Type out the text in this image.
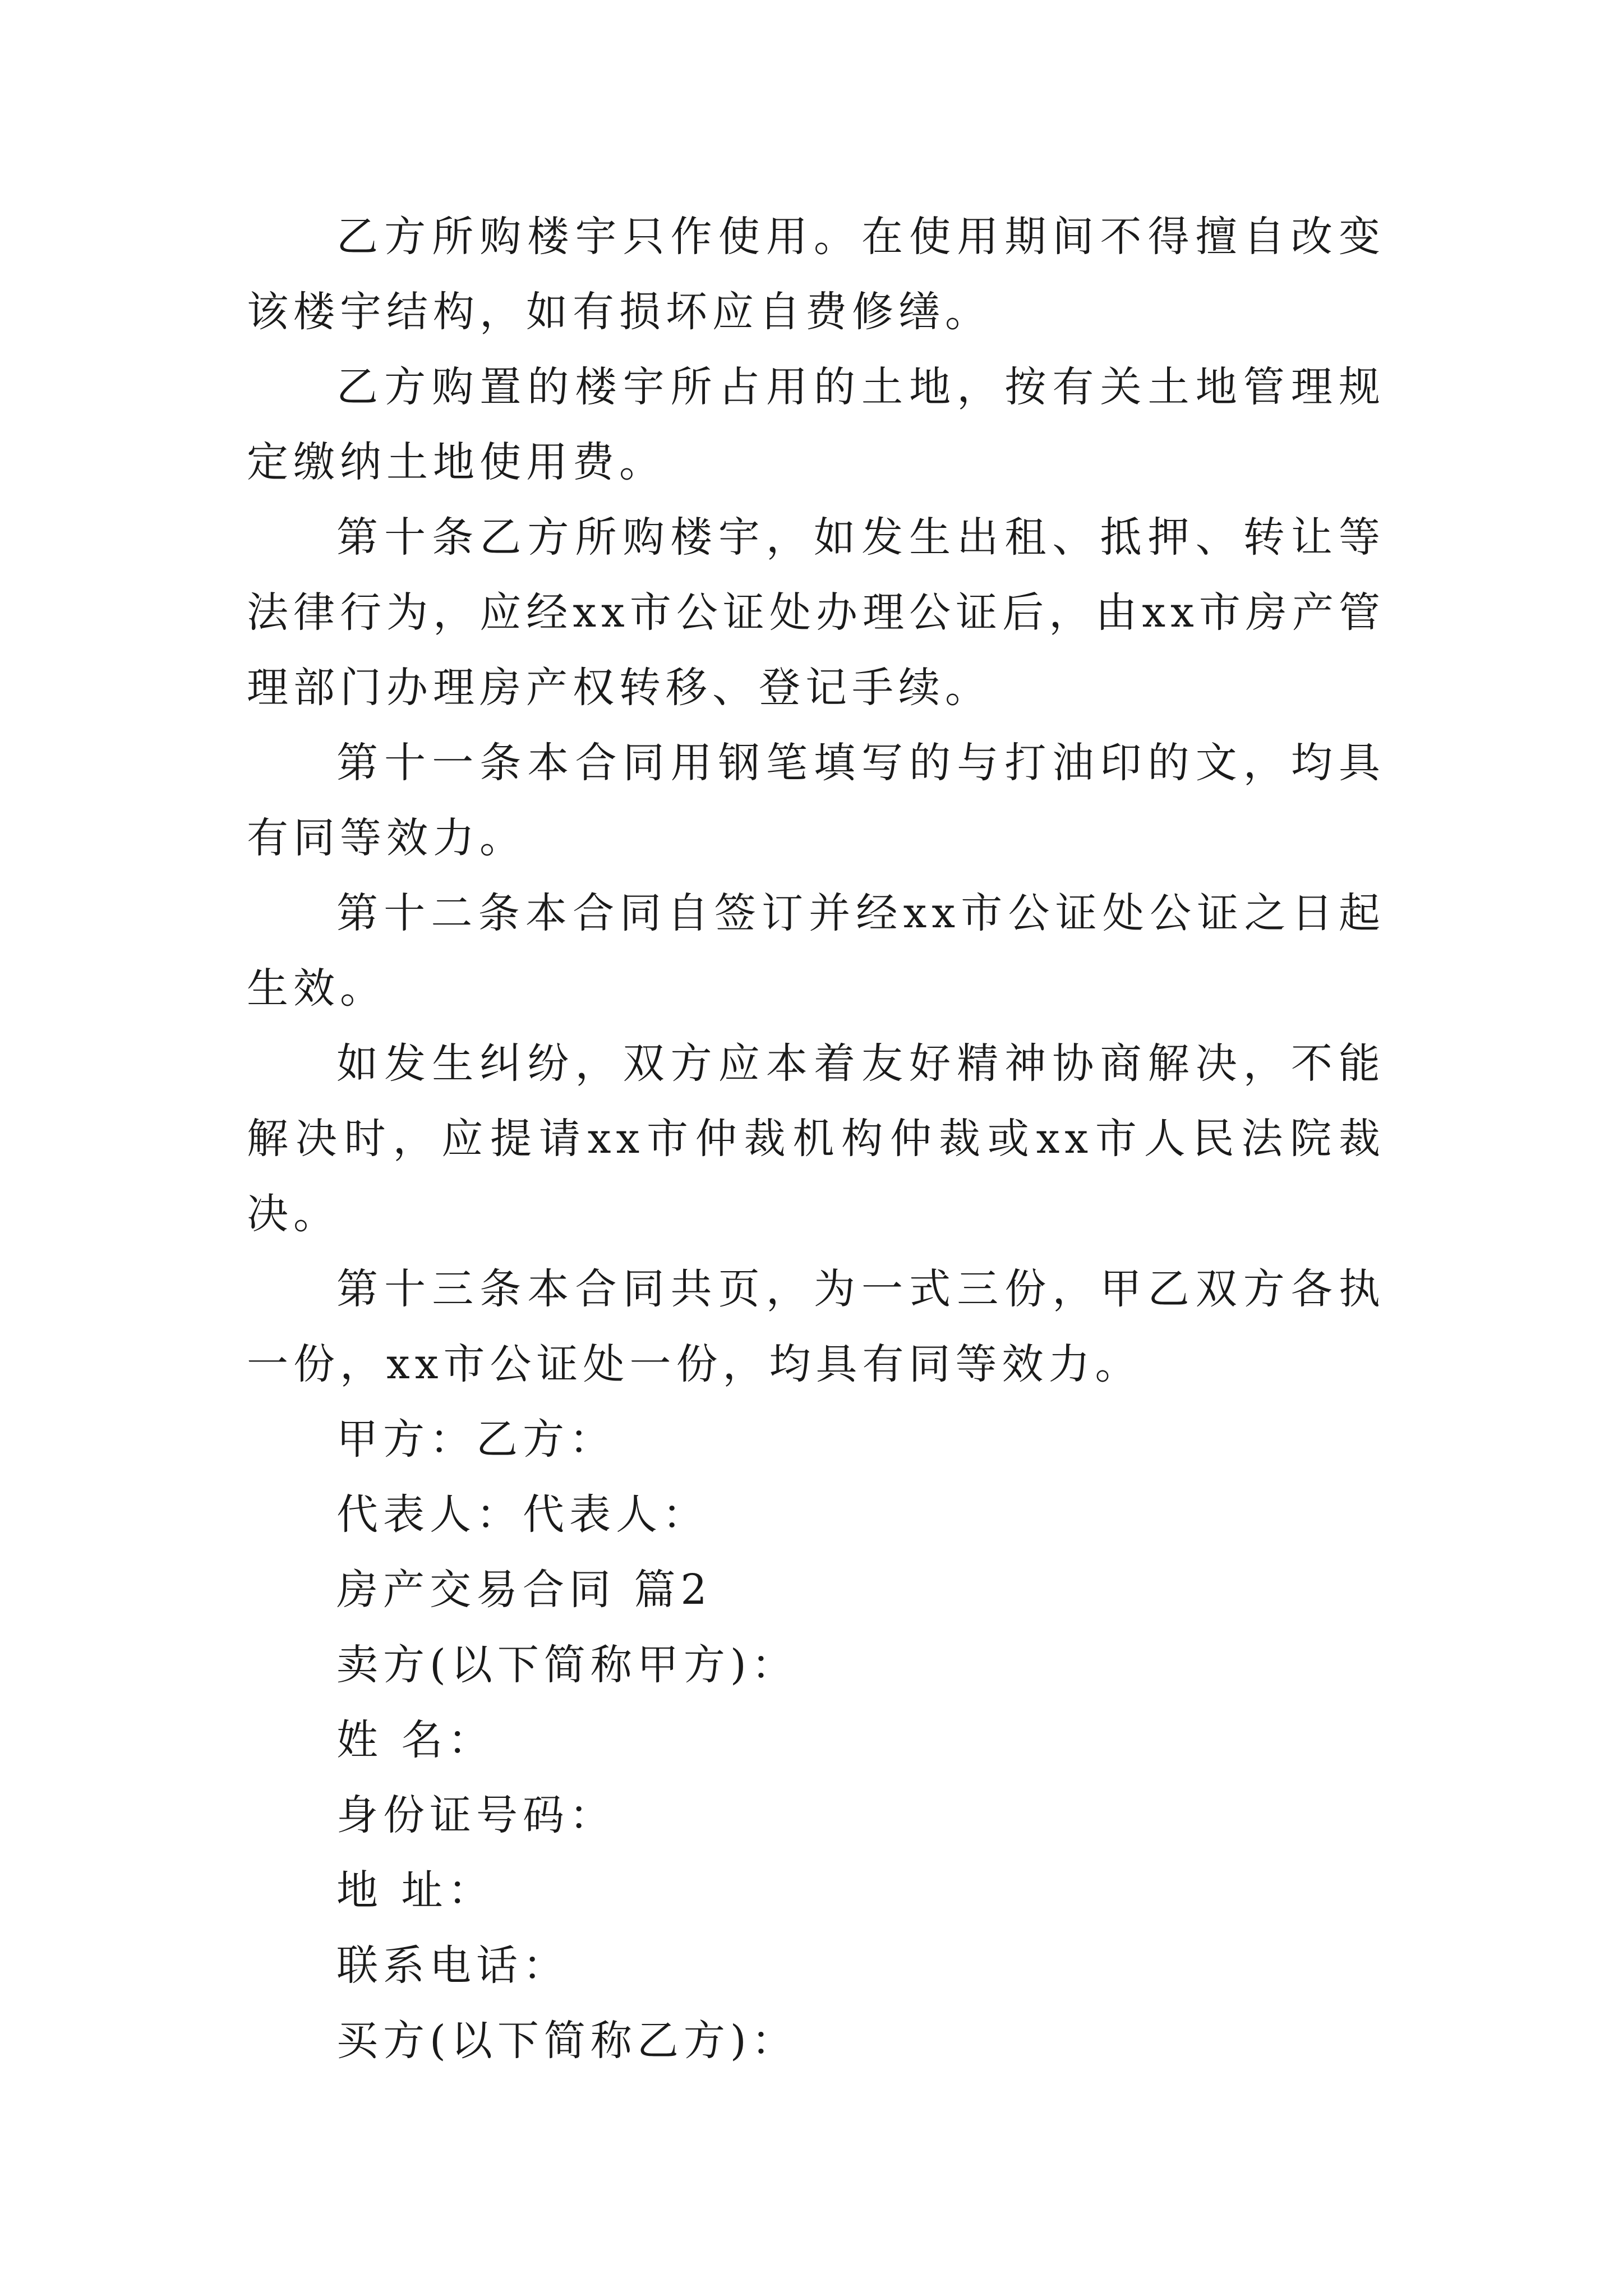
乙方所购楼宇只作使用。在使用期间不得擅自改变该楼宇结构，如有损坏应自费修缮。

乙方购置的楼宇所占用的土地，按有关土地管理规定缴纳土地使用费。

第十条乙方所购楼宇，如发生出租、抵押、转让等法律行为，应经xx市公证处办理公证后，由xx市房产管理部门办理房产权转移、登记手续。

第十一条本合同用钢笔填写的与打油印的文，均具有同等效力。

第十二条本合同自签订并经xx市公证处公证之日起生效。

如发生纠纷，双方应本着友好精神协商解决，不能解决时，应提请xx市仲裁机构仲裁或xx市人民法院裁决。

第十三条本合同共页，为一式三份，甲乙双方各执一份，xx市公证处一份，均具有同等效力。

甲方：乙方：

代表人：代表人：

房产交易合同 篇2

卖方(以下简称甲方)：

姓 名：

身份证号码：

地 址：

联系电话：

买方(以下简称乙方)：
